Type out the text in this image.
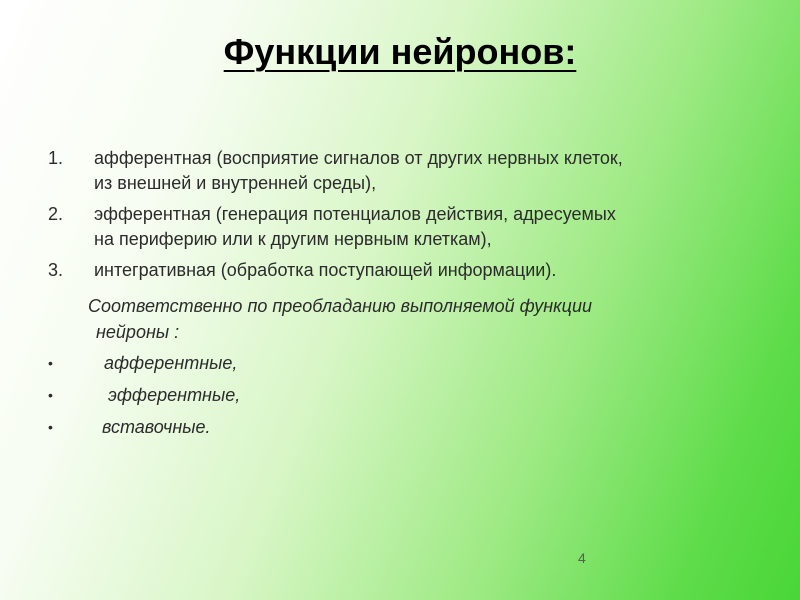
Функции нейронов:
1. афферентная (восприятие сигналов от других нервных клеток,
из внешней и внутренней среды),
2. эфферентная (генерация потенциалов действия, адресуемых
на периферию или к другим нервным клеткам),
3. интегративная (обработка поступающей информации).
Соответственно по преобладанию выполняемой функции
нейроны :
•	афферентные,
•	эфферентные,
•	вставочные.
4
